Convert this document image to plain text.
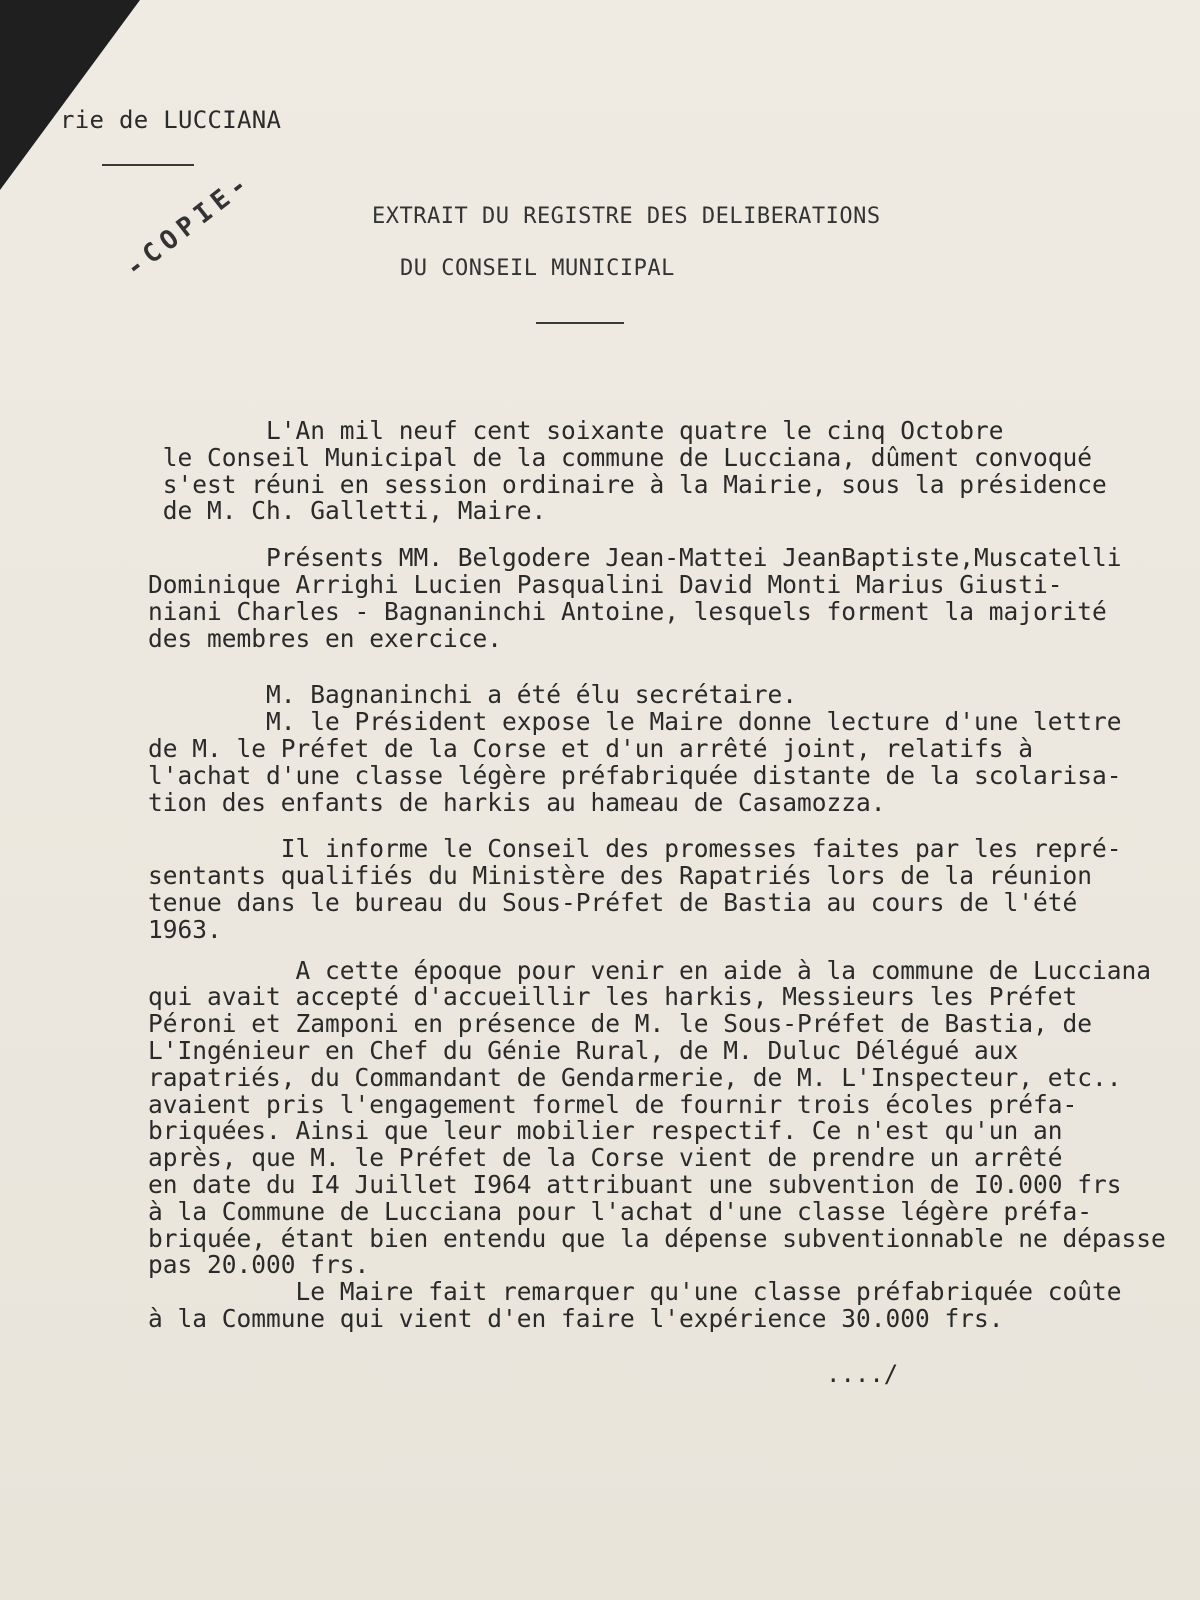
rie de LUCCIANA
-COPIE-	EXTRAIT DU REGISTRE DES DELIBERATIONS
DU CONSEIL MUNICIPAL
L'An mil neuf cent soixante quatre le cinq Octobre
le Conseil Municipal de la commune de Lucciana, dûment convoqué
s'est réuni en session ordinaire à la Mairie, sous la présidence
de M. Ch. Galletti, Maire.
Présents MM. Belgodere Jean-Mattei JeanBaptiste,Muscatelli
Dominique Arrighi Lucien Pasqualini David Monti Marius Giusti-
niani Charles - Bagnaninchi Antoine, lesquels forment la majorité
des membres en exercice.
M. Bagnaninchi a été élu secrétaire.
M. le Président expose le Maire donne lecture d'une lettre
de M. le Préfet de la Corse et d'un arrêté joint, relatifs à
l'achat d'une classe légère préfabriquée distante de la scolarisa-
tion des enfants de harkis au hameau de Casamozza.
Il informe le Conseil des promesses faites par les repré-
sentants qualifiés du Ministère des Rapatriés lors de la réunion
tenue dans le bureau du Sous-Préfet de Bastia au cours de l'été
1963.
A cette époque pour venir en aide à la commune de Lucciana
qui avait accepté d'accueillir les harkis, Messieurs les Préfet
Péroni et Zamponi en présence de M. le Sous-Préfet de Bastia, de
L'Ingénieur en Chef du Génie Rural, de M. Duluc Délégué aux
rapatriés, du Commandant de Gendarmerie, de M. L'Inspecteur, etc..
avaient pris l'engagement formel de fournir trois écoles préfa-
briquées. Ainsi que leur mobilier respectif. Ce n'est qu'un an
après, que M. le Préfet de la Corse vient de prendre un arrêté
en date du I4 Juillet I964 attribuant une subvention de I0.000 frs
à la Commune de Lucciana pour l'achat d'une classe légère préfa-
briquée, étant bien entendu que la dépense subventionnable ne dépasse
pas 20.000 frs.
Le Maire fait remarquer qu'une classe préfabriquée coûte
à la Commune qui vient d'en faire l'expérience 30.000 frs.
..../
